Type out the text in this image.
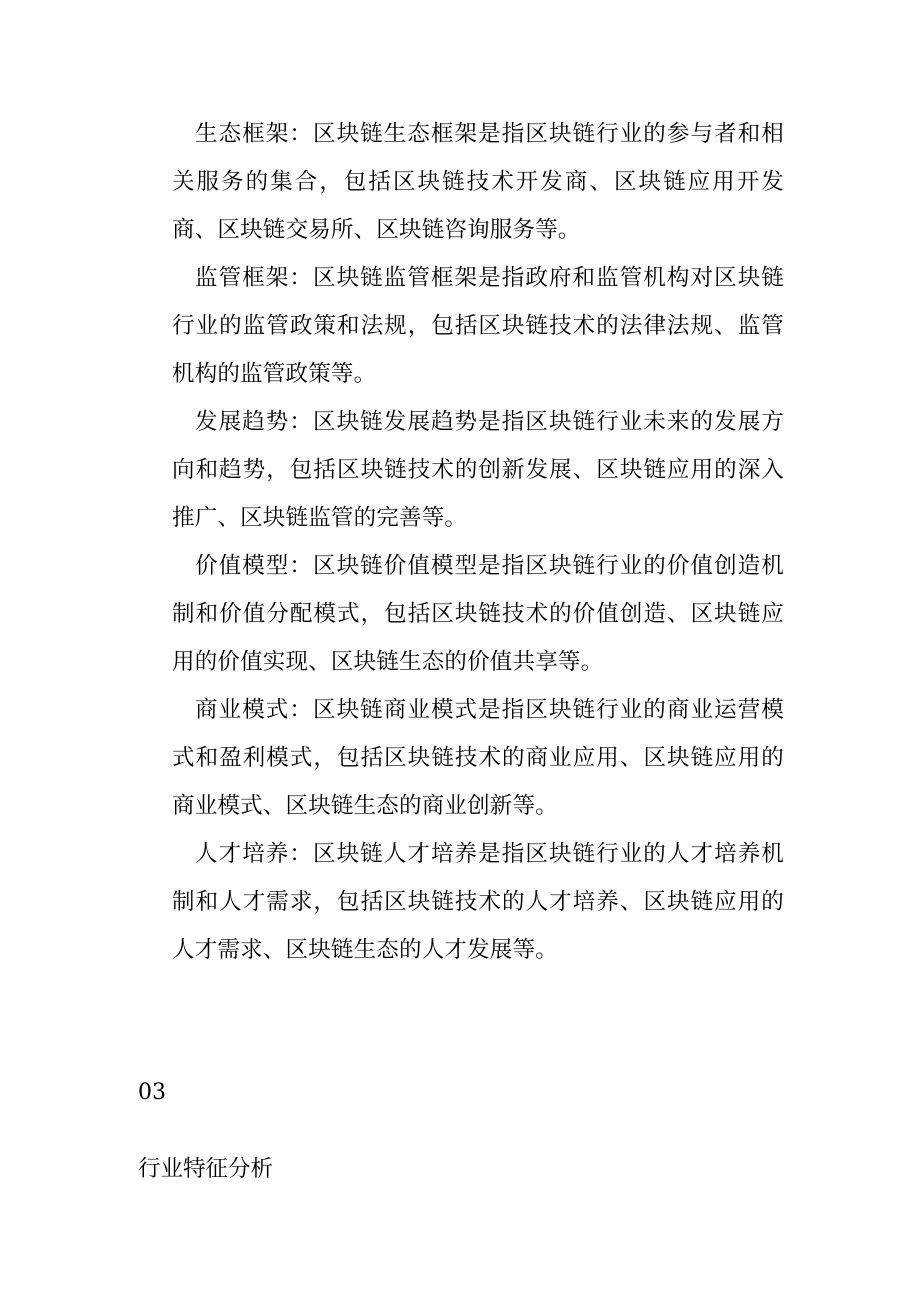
生态框架：区块链生态框架是指区块链行业的参与者和相关服务的集合，包括区块链技术开发商、区块链应用开发商、区块链交易所、区块链咨询服务等。

监管框架：区块链监管框架是指政府和监管机构对区块链行业的监管政策和法规，包括区块链技术的法律法规、监管机构的监管政策等。

发展趋势：区块链发展趋势是指区块链行业未来的发展方向和趋势，包括区块链技术的创新发展、区块链应用的深入推广、区块链监管的完善等。

价值模型：区块链价值模型是指区块链行业的价值创造机制和价值分配模式，包括区块链技术的价值创造、区块链应用的价值实现、区块链生态的价值共享等。

商业模式：区块链商业模式是指区块链行业的商业运营模式和盈利模式，包括区块链技术的商业应用、区块链应用的商业模式、区块链生态的商业创新等。

人才培养：区块链人才培养是指区块链行业的人才培养机制和人才需求，包括区块链技术的人才培养、区块链应用的人才需求、区块链生态的人才发展等。

03

行业特征分析
